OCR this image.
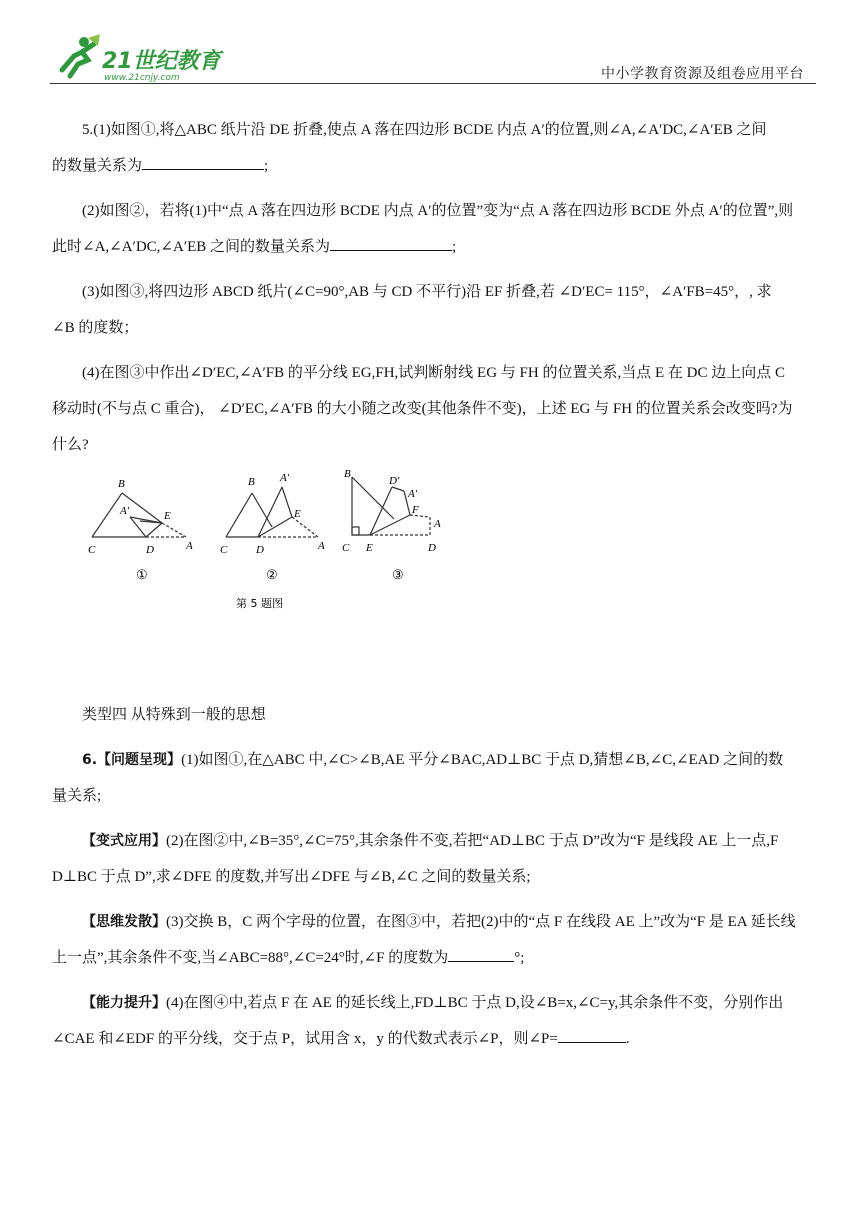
21世纪教育
www.21cnjy.com	中小学教育资源及组卷应用平台

5.(1)如图①,将△ABC 纸片沿 DE 折叠,使点 A 落在四边形 BCDE 内点 A′的位置,则∠A,∠A′DC,∠A′EB 之间

的数量关系为	;

(2)如图②，若将(1)中“点 A 落在四边形 BCDE 内点 A′的位置”变为“点 A 落在四边形 BCDE 外点 A′的位置”,则

此时∠A,∠A′DC,∠A′EB 之间的数量关系为	;

(3)如图③,将四边形 ABCD 纸片(∠C=90°,AB 与 CD 不平行)沿 EF 折叠,若 ∠D′EC= 115°，∠A′FB=45°，, 求

∠B 的度数；

(4)在图③中作出∠D′EC,∠A′FB 的平分线 EG,FH,试判断射线 EG 与 FH 的位置关系,当点 E 在 DC 边上向点 C

移动时(不与点 C 重合)， ∠D′EC,∠A′FB 的大小随之改变(其他条件不变)，上述 EG 与 FH 的位置关系会改变吗?为

什么?

B
A′	E
C	D	A
①
B A′
E
C	D	A
②
B
D′
A′
F
A
C E	D
③
第 5 题图

类型四 从特殊到一般的思想

6.【问题呈现】(1)如图①,在△ABC 中,∠C>∠B,AE 平分∠BAC,AD⊥BC 于点 D,猜想∠B,∠C,∠EAD 之间的数

量关系;

【变式应用】(2)在图②中,∠B=35°,∠C=75°,其余条件不变,若把“AD⊥BC 于点 D”改为“F 是线段 AE 上一点,F

D⊥BC 于点 D”,求∠DFE 的度数,并写出∠DFE 与∠B,∠C 之间的数量关系;

【思维发散】(3)交换 B，C 两个字母的位置，在图③中，若把(2)中的“点 F 在线段 AE 上”改为“F 是 EA 延长线

上一点”,其余条件不变,当∠ABC=88°,∠C=24°时,∠F 的度数为	°;

【能力提升】(4)在图④中,若点 F 在 AE 的延长线上,FD⊥BC 于点 D,设∠B=x,∠C=y,其余条件不变，分别作出

∠CAE 和∠EDF 的平分线，交于点 P，试用含 x，y 的代数式表示∠P，则∠P=	.
